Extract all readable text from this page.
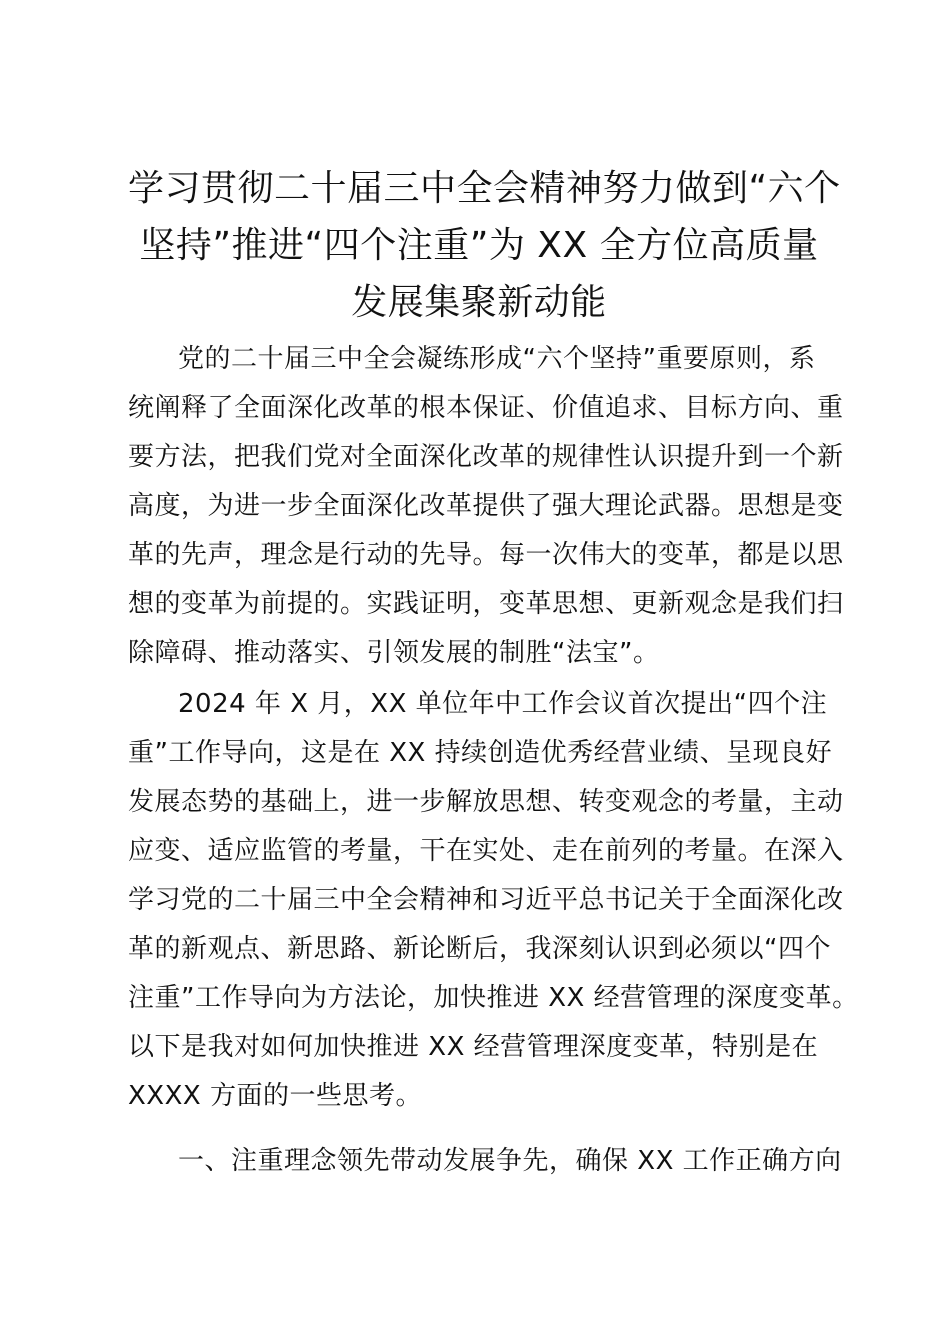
学习贯彻二十届三中全会精神努力做到“六个
坚持”推进“四个注重”为 XX 全方位高质量
发展集聚新动能

党的二十届三中全会凝练形成“六个坚持”重要原则，系
统阐释了全面深化改革的根本保证、价值追求、目标方向、重
要方法，把我们党对全面深化改革的规律性认识提升到一个新
高度，为进一步全面深化改革提供了强大理论武器。思想是变
革的先声，理念是行动的先导。每一次伟大的变革，都是以思
想的变革为前提的。实践证明，变革思想、更新观念是我们扫
除障碍、推动落实、引领发展的制胜“法宝”。

2024 年 X 月，XX 单位年中工作会议首次提出“四个注
重”工作导向，这是在 XX 持续创造优秀经营业绩、呈现良好
发展态势的基础上，进一步解放思想、转变观念的考量，主动
应变、适应监管的考量，干在实处、走在前列的考量。在深入
学习党的二十届三中全会精神和习近平总书记关于全面深化改
革的新观点、新思路、新论断后，我深刻认识到必须以“四个
注重”工作导向为方法论，加快推进 XX 经营管理的深度变革。
以下是我对如何加快推进 XX 经营管理深度变革，特别是在
XXXX 方面的一些思考。

一、注重理念领先带动发展争先，确保 XX 工作正确方向
